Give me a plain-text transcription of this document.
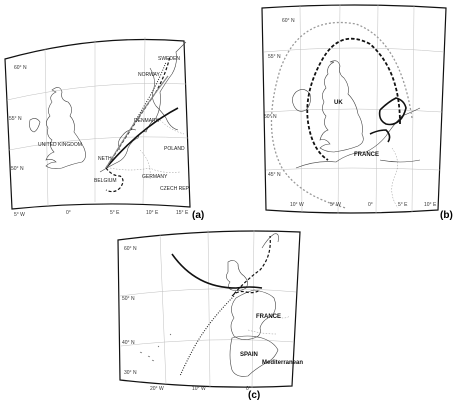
60° N
55° N
50° N
5° W	0°	5° E	10° E	15° E
UNITED KINGDOM
NORWAY
DENMARK
GERMANY
BELGIUM
POLAND
CZECH REP
SWEDEN
NETH.
(a)
60° N
55° N
50° N
45° N
10° W	5° W	0°	5° E	10° E
UK
FRANCE
(b)
60° N
50° N
40° N
30° N
20° W	10° W	0°
FRANCE
SPAIN
Mediterranean
(c)
